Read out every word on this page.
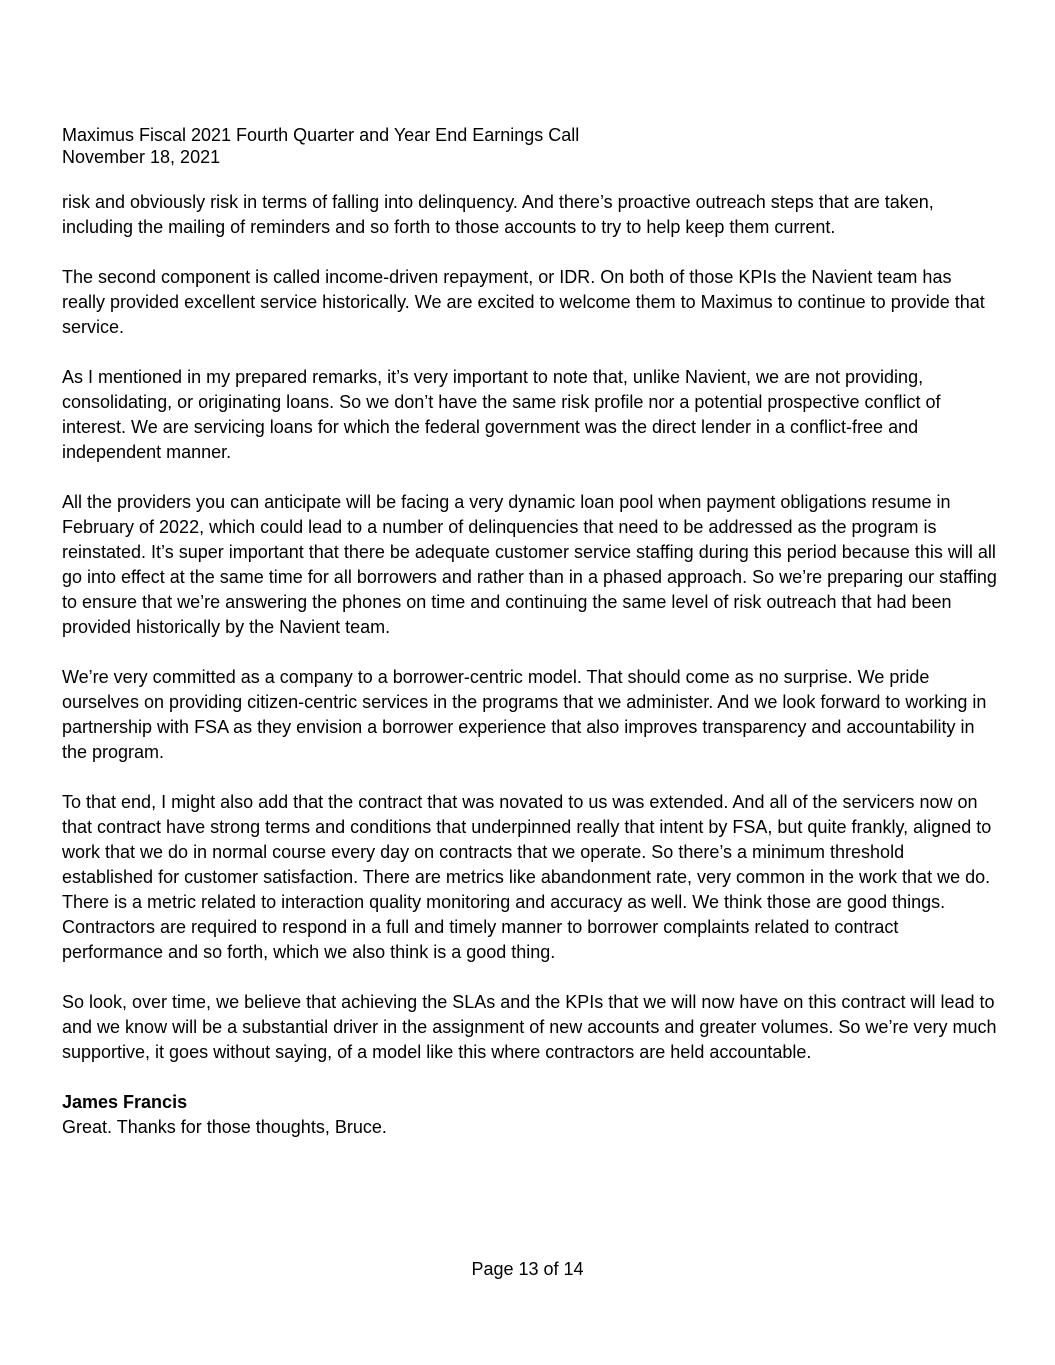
Maximus Fiscal 2021 Fourth Quarter and Year End Earnings Call
November 18, 2021

risk and obviously risk in terms of falling into delinquency. And there’s proactive outreach steps that are taken, including the mailing of reminders and so forth to those accounts to try to help keep them current.

The second component is called income-driven repayment, or IDR. On both of those KPIs the Navient team has really provided excellent service historically. We are excited to welcome them to Maximus to continue to provide that service.

As I mentioned in my prepared remarks, it’s very important to note that, unlike Navient, we are not providing, consolidating, or originating loans. So we don’t have the same risk profile nor a potential prospective conflict of interest. We are servicing loans for which the federal government was the direct lender in a conflict-free and independent manner.

All the providers you can anticipate will be facing a very dynamic loan pool when payment obligations resume in February of 2022, which could lead to a number of delinquencies that need to be addressed as the program is reinstated. It’s super important that there be adequate customer service staffing during this period because this will all go into effect at the same time for all borrowers and rather than in a phased approach. So we’re preparing our staffing to ensure that we’re answering the phones on time and continuing the same level of risk outreach that had been provided historically by the Navient team.

We’re very committed as a company to a borrower-centric model. That should come as no surprise. We pride ourselves on providing citizen-centric services in the programs that we administer. And we look forward to working in partnership with FSA as they envision a borrower experience that also improves transparency and accountability in the program.

To that end, I might also add that the contract that was novated to us was extended. And all of the servicers now on that contract have strong terms and conditions that underpinned really that intent by FSA, but quite frankly, aligned to work that we do in normal course every day on contracts that we operate. So there’s a minimum threshold established for customer satisfaction. There are metrics like abandonment rate, very common in the work that we do. There is a metric related to interaction quality monitoring and accuracy as well. We think those are good things. Contractors are required to respond in a full and timely manner to borrower complaints related to contract performance and so forth, which we also think is a good thing.

So look, over time, we believe that achieving the SLAs and the KPIs that we will now have on this contract will lead to and we know will be a substantial driver in the assignment of new accounts and greater volumes. So we’re very much supportive, it goes without saying, of a model like this where contractors are held accountable.

James Francis
Great. Thanks for those thoughts, Bruce.
Page 13 of 14
